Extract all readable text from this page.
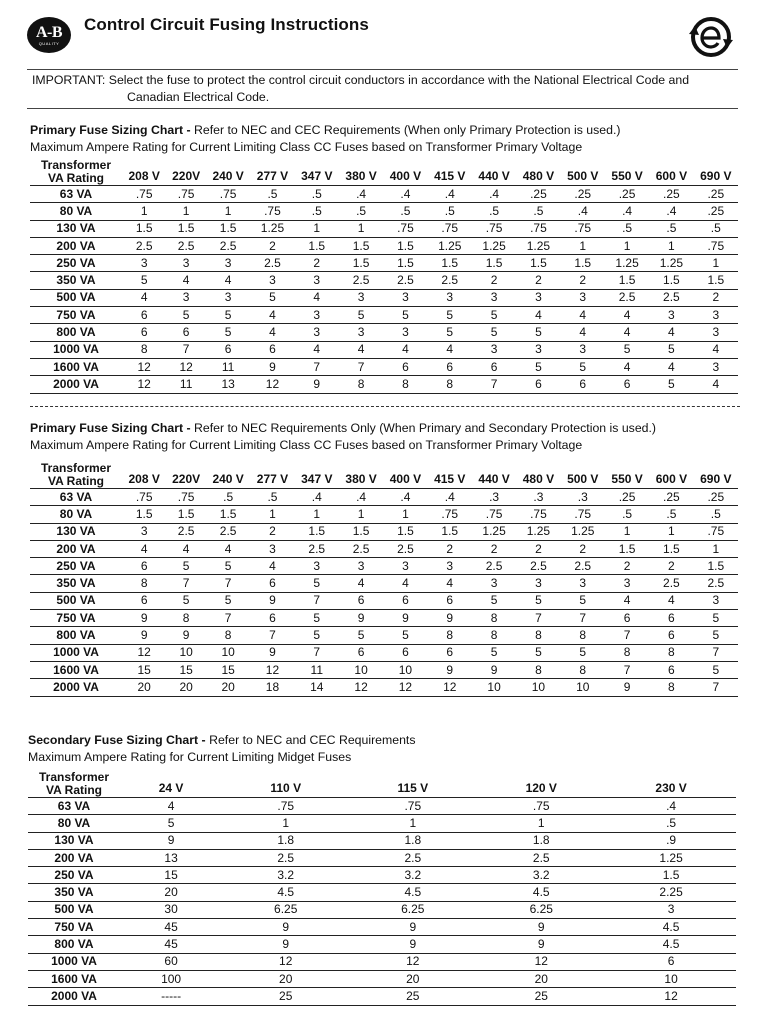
A-B
QUALITY
Control Circuit Fusing Instructions
IMPORTANT: Select the fuse to protect the control circuit conductors in accordance with the National Electrical Code and
Canadian Electrical Code.
Primary Fuse Sizing Chart - Refer to NEC and CEC Requirements (When only Primary Protection is used.)
Maximum Ampere Rating for Current Limiting Class CC Fuses based on Transformer Primary Voltage
Transformer
VA Rating	208 V	220V	240 V	277 V	347 V	380 V	400 V	415 V	440 V	480 V	500 V	550 V	600 V	690 V
63 VA	.75	.75	.75	.5	.5	.4	.4	.4	.4	.25	.25	.25	.25	.25
80 VA	1	1	1	.75	.5	.5	.5	.5	.5	.5	.4	.4	.4	.25
130 VA	1.5	1.5	1.5	1.25	1	1	.75	.75	.75	.75	.75	.5	.5	.5
200 VA	2.5	2.5	2.5	2	1.5	1.5	1.5	1.25	1.25	1.25	1	1	1	.75
250 VA	3	3	3	2.5	2	1.5	1.5	1.5	1.5	1.5	1.5	1.25	1.25	1
350 VA	5	4	4	3	3	2.5	2.5	2.5	2	2	2	1.5	1.5	1.5
500 VA	4	3	3	5	4	3	3	3	3	3	3	2.5	2.5	2
750 VA	6	5	5	4	3	5	5	5	5	4	4	4	3	3
800 VA	6	6	5	4	3	3	3	5	5	5	4	4	4	3
1000 VA	8	7	6	6	4	4	4	4	3	3	3	5	5	4
1600 VA	12	12	11	9	7	7	6	6	6	5	5	4	4	3
2000 VA	12	11	13	12	9	8	8	8	7	6	6	6	5	4
Primary Fuse Sizing Chart - Refer to NEC Requirements Only (When Primary and Secondary Protection is used.)
Maximum Ampere Rating for Current Limiting Class CC Fuses based on Transformer Primary Voltage
Transformer
VA Rating	208 V	220V	240 V	277 V	347 V	380 V	400 V	415 V	440 V	480 V	500 V	550 V	600 V	690 V
63 VA	.75	.75	.5	.5	.4	.4	.4	.4	.3	.3	.3	.25	.25	.25
80 VA	1.5	1.5	1.5	1	1	1	1	.75	.75	.75	.75	.5	.5	.5
130 VA	3	2.5	2.5	2	1.5	1.5	1.5	1.5	1.25	1.25	1.25	1	1	.75
200 VA	4	4	4	3	2.5	2.5	2.5	2	2	2	2	1.5	1.5	1
250 VA	6	5	5	4	3	3	3	3	2.5	2.5	2.5	2	2	1.5
350 VA	8	7	7	6	5	4	4	4	3	3	3	3	2.5	2.5
500 VA	6	5	5	9	7	6	6	6	5	5	5	4	4	3
750 VA	9	8	7	6	5	9	9	9	8	7	7	6	6	5
800 VA	9	9	8	7	5	5	5	8	8	8	8	7	6	5
1000 VA	12	10	10	9	7	6	6	6	5	5	5	8	8	7
1600 VA	15	15	15	12	11	10	10	9	9	8	8	7	6	5
2000 VA	20	20	20	18	14	12	12	12	10	10	10	9	8	7
Secondary Fuse Sizing Chart - Refer to NEC and CEC Requirements
Maximum Ampere Rating for Current Limiting Midget Fuses
Transformer
VA Rating	24 V	110 V	115 V	120 V	230 V
63 VA	4	.75	.75	.75	.4
80 VA	5	1	1	1	.5
130 VA	9	1.8	1.8	1.8	.9
200 VA	13	2.5	2.5	2.5	1.25
250 VA	15	3.2	3.2	3.2	1.5
350 VA	20	4.5	4.5	4.5	2.25
500 VA	30	6.25	6.25	6.25	3
750 VA	45	9	9	9	4.5
800 VA	45	9	9	9	4.5
1000 VA	60	12	12	12	6
1600 VA	100	20	20	20	10
2000 VA	-----	25	25	25	12
